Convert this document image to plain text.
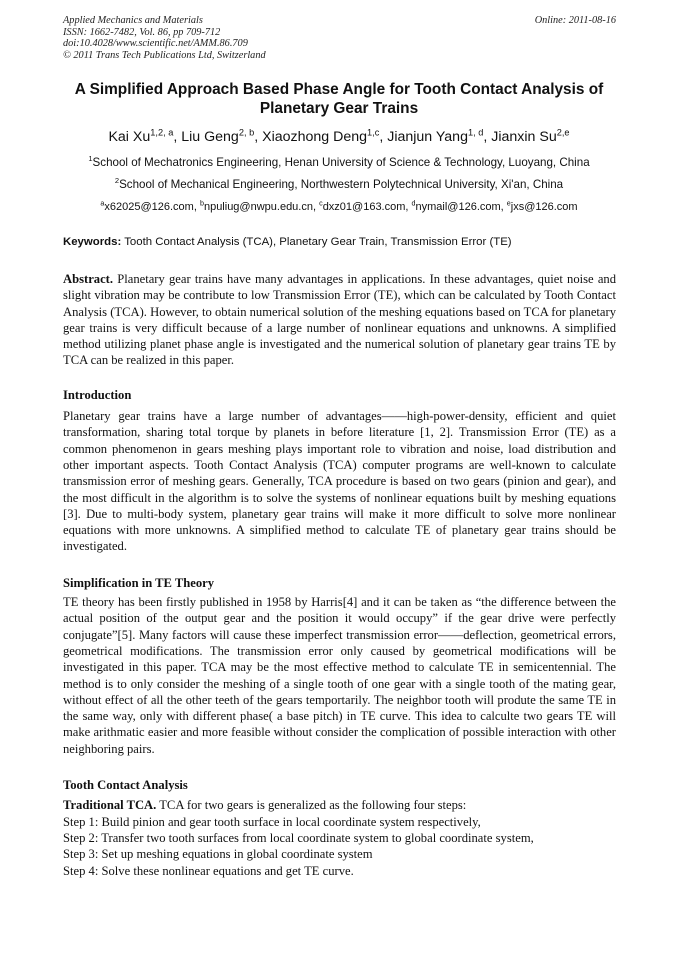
Applied Mechanics and Materials
ISSN: 1662-7482, Vol. 86, pp 709-712
doi:10.4028/www.scientific.net/AMM.86.709
© 2011 Trans Tech Publications Ltd, Switzerland
Online: 2011-08-16
A Simplified Approach Based Phase Angle for Tooth Contact Analysis of Planetary Gear Trains
Kai Xu$^{1,2, a}$, Liu Geng$^{2, b}$, Xiaozhong Deng$^{1,c}$, Jianjun Yang$^{1, d}$, Jianxin Su$^{2,e}$
$^1$School of Mechatronics Engineering, Henan University of Science & Technology, Luoyang, China
$^2$School of Mechanical Engineering, Northwestern Polytechnical University, Xi'an, China
$^a$x62025@126.com, $^b$npuliug@nwpu.edu.cn, $^c$dxz01@163.com, $^d$nymail@126.com, $^e$jxs@126.com
Keywords: Tooth Contact Analysis (TCA), Planetary Gear Train, Transmission Error (TE)

Abstract. Planetary gear trains have many advantages in applications. In these advantages, quiet noise and slight vibration may be contribute to low Transmission Error (TE), which can be calculated by Tooth Contact Analysis (TCA). However, to obtain numerical solution of the meshing equations based on TCA for planetary gear trains is very difficult because of a large number of nonlinear equations and unknowns. A simplified method utilizing planet phase angle is investigated and the numerical solution of planetary gear trains TE by TCA can be realized in this paper.

Introduction

Planetary gear trains have a large number of advantages——high-power-density, efficient and quiet transformation, sharing total torque by planets in before literature [1, 2]. Transmission Error (TE) as a common phenomenon in gears meshing plays important role to vibration and noise, load distribution and other important aspects. Tooth Contact Analysis (TCA) computer programs are well-known to calculate transmission error of meshing gears. Generally, TCA procedure is based on two gears (pinion and gear), and the most difficult in the algorithm is to solve the systems of nonlinear equations built by meshing equations [3]. Due to multi-body system, planetary gear trains will make it more difficult to solve more nonlinear equations with more unknowns. A simplified method to calculate TE of planetary gear trains should be investigated.

Simplification in TE Theory

TE theory has been firstly published in 1958 by Harris[4] and it can be taken as “the difference between the actual position of the output gear and the position it would occupy” if the gear drive were perfectly conjugate”[5]. Many factors will cause these imperfect transmission error——deflection, geometrical errors, geometrical modifications. The transmission error only caused by geometrical modifications will be investigated in this paper. TCA may be the most effective method to calculate TE in semicentennial. The method is to only consider the meshing of a single tooth of one gear with a single tooth of the mating gear, without effect of all the other teeth of the gears temportarily. The neighbor tooth will produte the same TE in the same way, only with different phase( a base pitch) in TE curve. This idea to calculte two gears TE will make arithmatic easier and more feasible without consider the complication of possible interaction with other neighboring pairs.

Tooth Contact Analysis

Traditional TCA. TCA for two gears is generalized as the following four steps:

Step 1: Build pinion and gear tooth surface in local coordinate system respectively,

Step 2: Transfer two tooth surfaces from local coordinate system to global coordinate system,

Step 3: Set up meshing equations in global coordinate system

Step 4: Solve these nonlinear equations and get TE curve.
